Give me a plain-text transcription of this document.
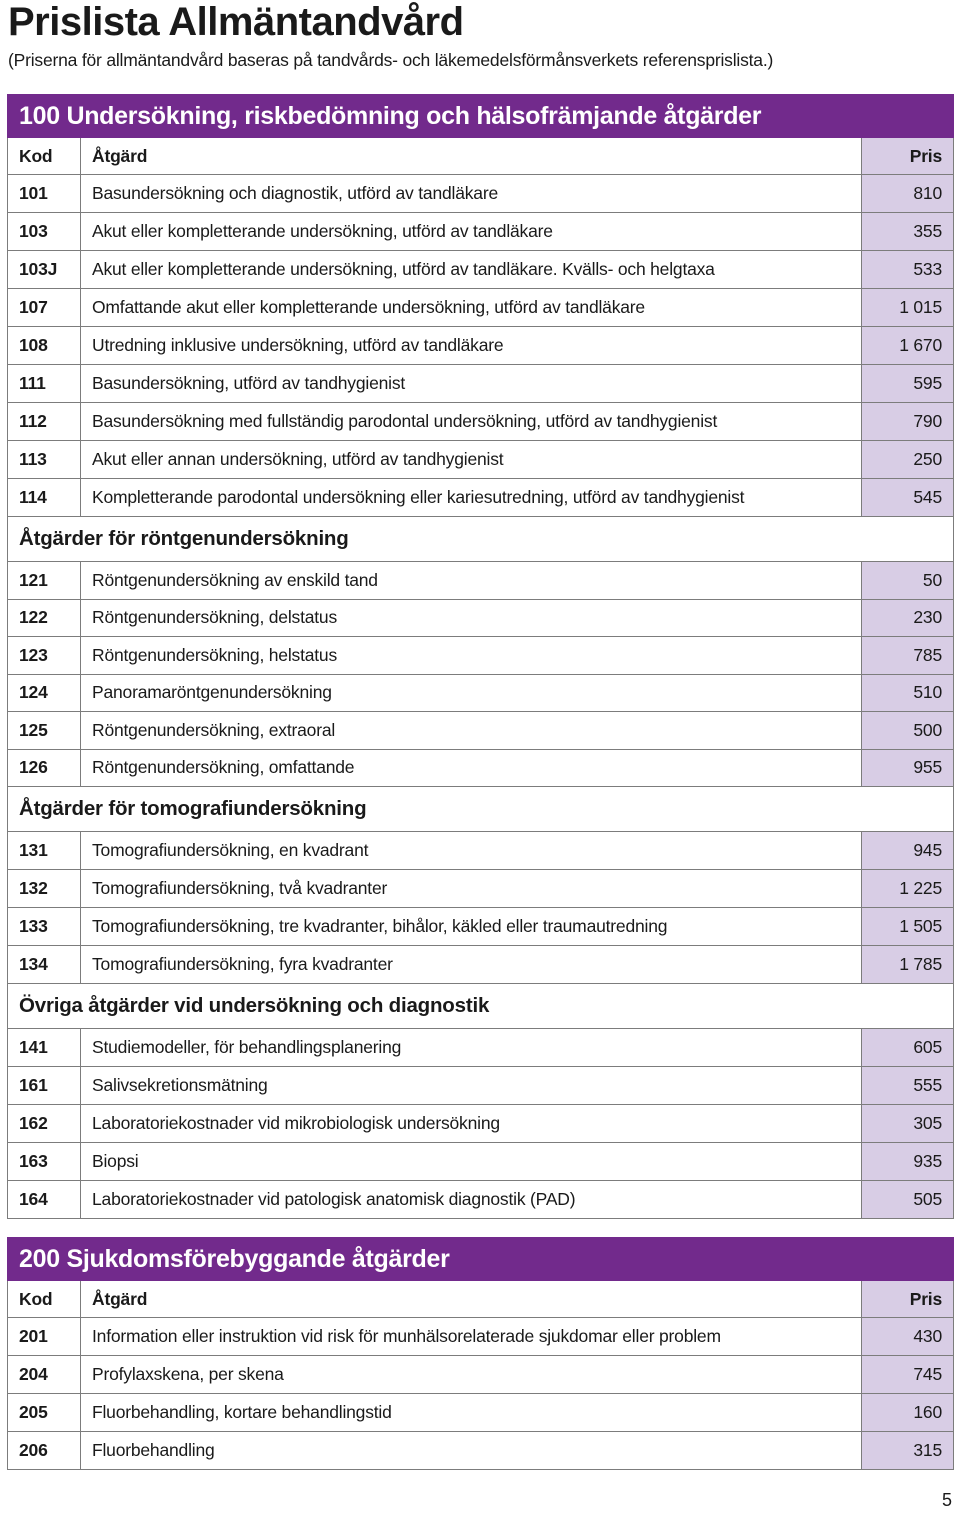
Prislista Allmäntandvård
(Priserna för allmäntandvård baseras på tandvårds- och läkemedelsförmånsverkets referensprislista.)
100 Undersökning, riskbedömning och hälsofrämjande åtgärder		
Kod	Åtgärd	Pris
101	Basundersökning och diagnostik, utförd av tandläkare	810
103	Akut eller kompletterande undersökning, utförd av tandläkare	355
103J	Akut eller kompletterande undersökning, utförd av tandläkare. Kvälls- och helgtaxa	533
107	Omfattande akut eller kompletterande undersökning, utförd av tandläkare	1 015
108	Utredning inklusive undersökning, utförd av tandläkare	1 670
111	Basundersökning, utförd av tandhygienist	595
112	Basundersökning med fullständig parodontal undersökning, utförd av tandhygienist	790
113	Akut eller annan undersökning, utförd av tandhygienist	250
114	Kompletterande parodontal undersökning eller kariesutredning, utförd av tandhygienist	545
Åtgärder för röntgenundersökning		
121	Röntgenundersökning av enskild tand	50
122	Röntgenundersökning, delstatus	230
123	Röntgenundersökning, helstatus	785
124	Panoramaröntgenundersökning	510
125	Röntgenundersökning, extraoral	500
126	Röntgenundersökning, omfattande	955
Åtgärder för tomografiundersökning		
131	Tomografiundersökning, en kvadrant	945
132	Tomografiundersökning, två kvadranter	1 225
133	Tomografiundersökning, tre kvadranter, bihålor, käkled eller traumautredning	1 505
134	Tomografiundersökning, fyra kvadranter	1 785
Övriga åtgärder vid undersökning och diagnostik		
141	Studiemodeller, för behandlingsplanering	605
161	Salivsekretionsmätning	555
162	Laboratoriekostnader vid mikrobiologisk undersökning	305
163	Biopsi	935
164	Laboratoriekostnader vid patologisk anatomisk diagnostik (PAD)	505
200 Sjukdomsförebyggande åtgärder		
Kod	Åtgärd	Pris
201	Information eller instruktion vid risk för munhälsorelaterade sjukdomar eller problem	430
204	Profylaxskena, per skena	745
205	Fluorbehandling, kortare behandlingstid	160
206	Fluorbehandling	315
5
